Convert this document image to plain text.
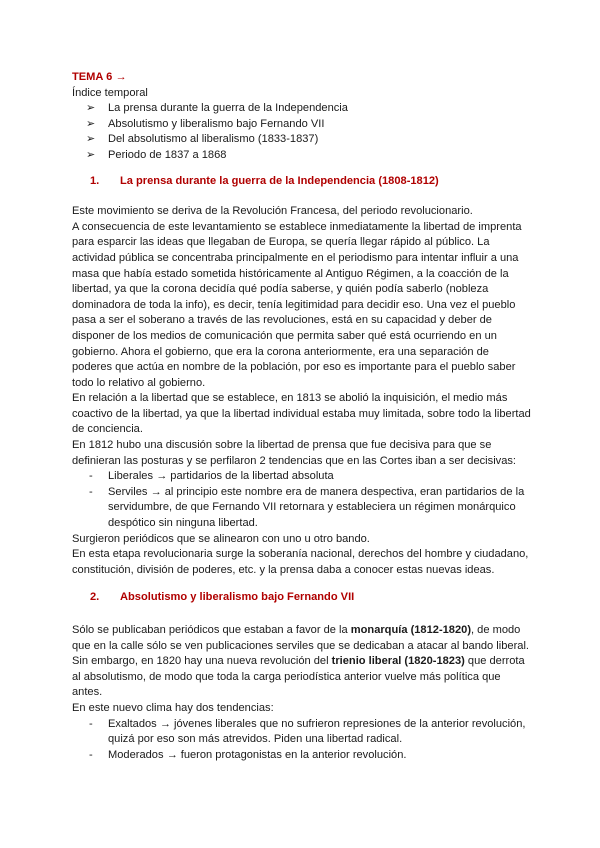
TEMA 6 →
Índice temporal
➢ La prensa durante la guerra de la Independencia
➢ Absolutismo y liberalismo bajo Fernando VII
➢ Del absolutismo al liberalismo (1833-1837)
➢ Periodo de 1837 a 1868
1. La prensa durante la guerra de la Independencia (1808-1812)

Este movimiento se deriva de la Revolución Francesa, del periodo revolucionario.

A consecuencia de este levantamiento se establece inmediatamente la libertad de imprenta para esparcir las ideas que llegaban de Europa, se quería llegar rápido al público. La actividad pública se concentraba principalmente en el periodismo para intentar influir a una masa que había estado sometida históricamente al Antiguo Régimen, a la coacción de la libertad, ya que la corona decidía qué podía saberse, y quién podía saberlo (nobleza dominadora de toda la info), es decir, tenía legitimidad para decidir eso. Una vez el pueblo pasa a ser el soberano a través de las revoluciones, está en su capacidad y deber de disponer de los medios de comunicación que permita saber qué está ocurriendo en un gobierno. Ahora el gobierno, que era la corona anteriormente, era una separación de poderes que actúa en nombre de la población, por eso es importante para el pueblo saber todo lo relativo al gobierno.

En relación a la libertad que se establece, en 1813 se abolió la inquisición, el medio más coactivo de la libertad, ya que la libertad individual estaba muy limitada, sobre todo la libertad de conciencia.

En 1812 hubo una discusión sobre la libertad de prensa que fue decisiva para que se definieran las posturas y se perfilaron 2 tendencias que en las Cortes iban a ser decisivas:

- Liberales → partidarios de la libertad absoluta
- Serviles → al principio este nombre era de manera despectiva, eran partidarios de la servidumbre, de que Fernando VII retornara y estableciera un régimen monárquico despótico sin ninguna libertad.

Surgieron periódicos que se alinearon con uno u otro bando.

En esta etapa revolucionaria surge la soberanía nacional, derechos del hombre y ciudadano, constitución, división de poderes, etc. y la prensa daba a conocer estas nuevas ideas.

2. Absolutismo y liberalismo bajo Fernando VII

Sólo se publicaban periódicos que estaban a favor de la monarquía (1812-1820), de modo que en la calle sólo se ven publicaciones serviles que se dedicaban a atacar al bando liberal.

Sin embargo, en 1820 hay una nueva revolución del trienio liberal (1820-1823) que derrota al absolutismo, de modo que toda la carga periodística anterior vuelve más política que antes.

En este nuevo clima hay dos tendencias:

- Exaltados → jóvenes liberales que no sufrieron represiones de la anterior revolución, quizá por eso son más atrevidos. Piden una libertad radical.
- Moderados → fueron protagonistas en la anterior revolución.
